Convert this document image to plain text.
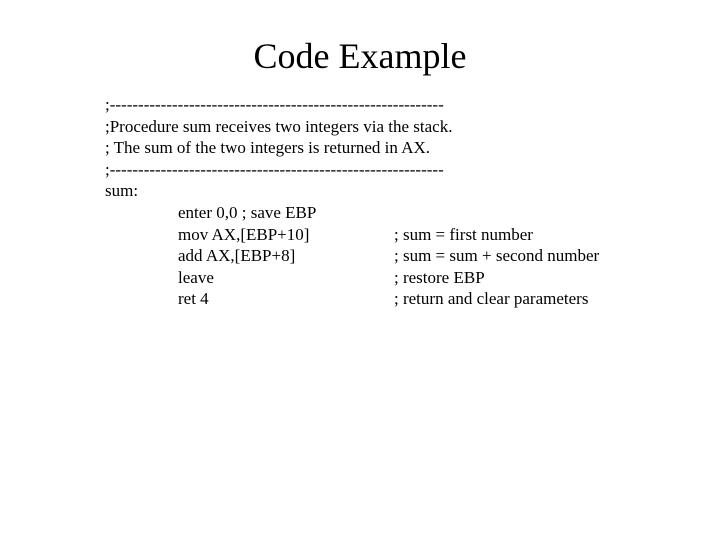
Code Example
;-----------------------------------------------------------
;Procedure sum receives two integers via the stack.
; The sum of the two integers is returned in AX.
;-----------------------------------------------------------
sum:
enter 0,0 ; save EBP
mov AX,[EBP+10]	; sum = first number
add AX,[EBP+8]	; sum = sum + second number
leave	; restore EBP
ret 4	; return and clear parameters
